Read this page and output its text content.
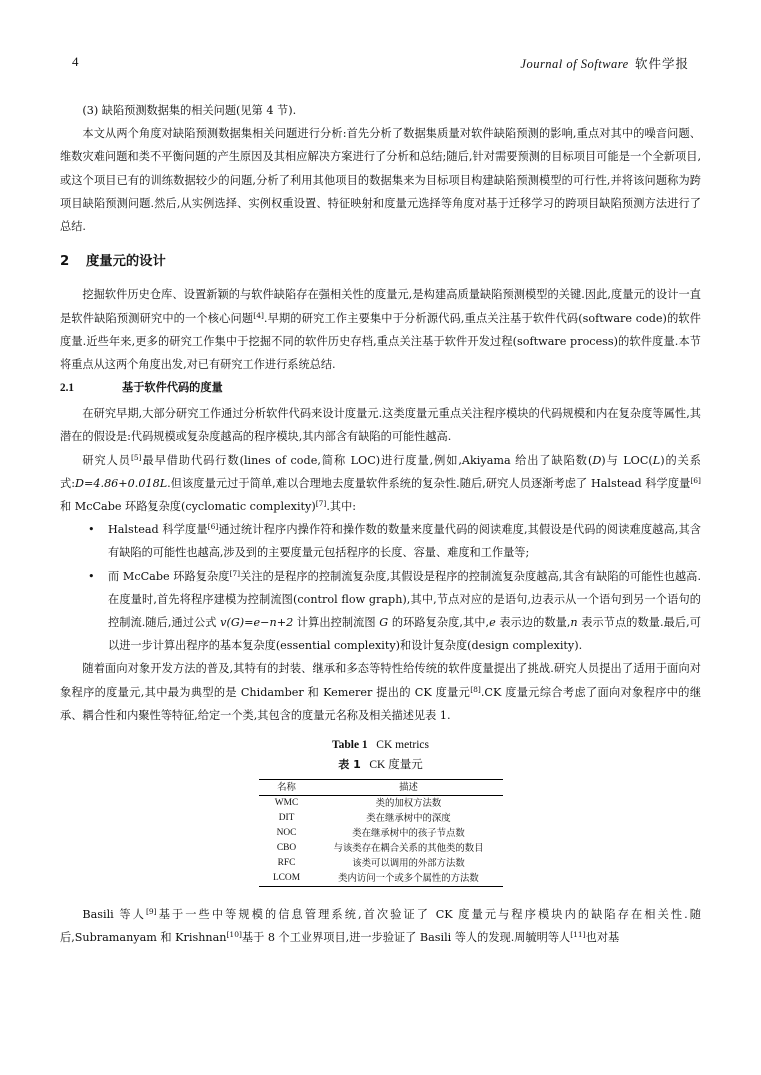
4	Journal of Software 软件学报

(3) 缺陷预测数据集的相关问题(见第 4 节).

本文从两个角度对缺陷预测数据集相关问题进行分析:首先分析了数据集质量对软件缺陷预测的影响,重点对其中的噪音问题、维数灾难问题和类不平衡问题的产生原因及其相应解决方案进行了分析和总结;随后,针对需要预测的目标项目可能是一个全新项目,或这个项目已有的训练数据较少的问题,分析了利用其他项目的数据集来为目标项目构建缺陷预测模型的可行性,并将该问题称为跨项目缺陷预测问题.然后,从实例选择、实例权重设置、特征映射和度量元选择等角度对基于迁移学习的跨项目缺陷预测方法进行了总结.

2 度量元的设计

挖掘软件历史仓库、设置新颖的与软件缺陷存在强相关性的度量元,是构建高质量缺陷预测模型的关键.因此,度量元的设计一直是软件缺陷预测研究中的一个核心问题[4].早期的研究工作主要集中于分析源代码,重点关注基于软件代码(software code)的软件度量.近些年来,更多的研究工作集中于挖掘不同的软件历史存档,重点关注基于软件开发过程(software process)的软件度量.本节将重点从这两个角度出发,对已有研究工作进行系统总结.

2.1	基于软件代码的度量

在研究早期,大部分研究工作通过分析软件代码来设计度量元.这类度量元重点关注程序模块的代码规模和内在复杂度等属性,其潜在的假设是:代码规模或复杂度越高的程序模块,其内部含有缺陷的可能性越高.

研究人员[5]最早借助代码行数(lines of code,简称 LOC)进行度量,例如,Akiyama 给出了缺陷数(D)与 LOC(L)的关系式:D=4.86+0.018L.但该度量元过于简单,难以合理地去度量软件系统的复杂性.随后,研究人员逐渐考虑了 Halstead 科学度量[6]和 McCabe 环路复杂度(cyclomatic complexity)[7].其中:

• Halstead 科学度量[6]通过统计程序内操作符和操作数的数量来度量代码的阅读难度,其假设是代码的阅读难度越高,其含有缺陷的可能性也越高,涉及到的主要度量元包括程序的长度、容量、难度和工作量等;
• 而 McCabe 环路复杂度[7]关注的是程序的控制流复杂度,其假设是程序的控制流复杂度越高,其含有缺陷的可能性也越高.在度量时,首先将程序建模为控制流图(control flow graph),其中,节点对应的是语句,边表示从一个语句到另一个语句的控制流.随后,通过公式 v(G)=e−n+2 计算出控制流图 G 的环路复杂度,其中,e 表示边的数量,n 表示节点的数量.最后,可以进一步计算出程序的基本复杂度(essential complexity)和设计复杂度(design complexity).

随着面向对象开发方法的普及,其特有的封装、继承和多态等特性给传统的软件度量提出了挑战.研究人员提出了适用于面向对象程序的度量元,其中最为典型的是 Chidamber 和 Kemerer 提出的 CK 度量元[8].CK 度量元综合考虑了面向对象程序中的继承、耦合性和内聚性等特征,给定一个类,其包含的度量元名称及相关描述见表 1.

Table 1 CK metrics
表 1 CK 度量元
名称	描述
WMC	类的加权方法数
DIT	类在继承树中的深度
NOC	类在继承树中的孩子节点数
CBO	与该类存在耦合关系的其他类的数目
RFC	该类可以调用的外部方法数
LCOM	类内访问一个或多个属性的方法数

Basili 等人[9]基于一些中等规模的信息管理系统,首次验证了 CK 度量元与程序模块内的缺陷存在相关性.随后,Subramanyam 和 Krishnan[10]基于 8 个工业界项目,进一步验证了 Basili 等人的发现.周毓明等人[11]也对基
